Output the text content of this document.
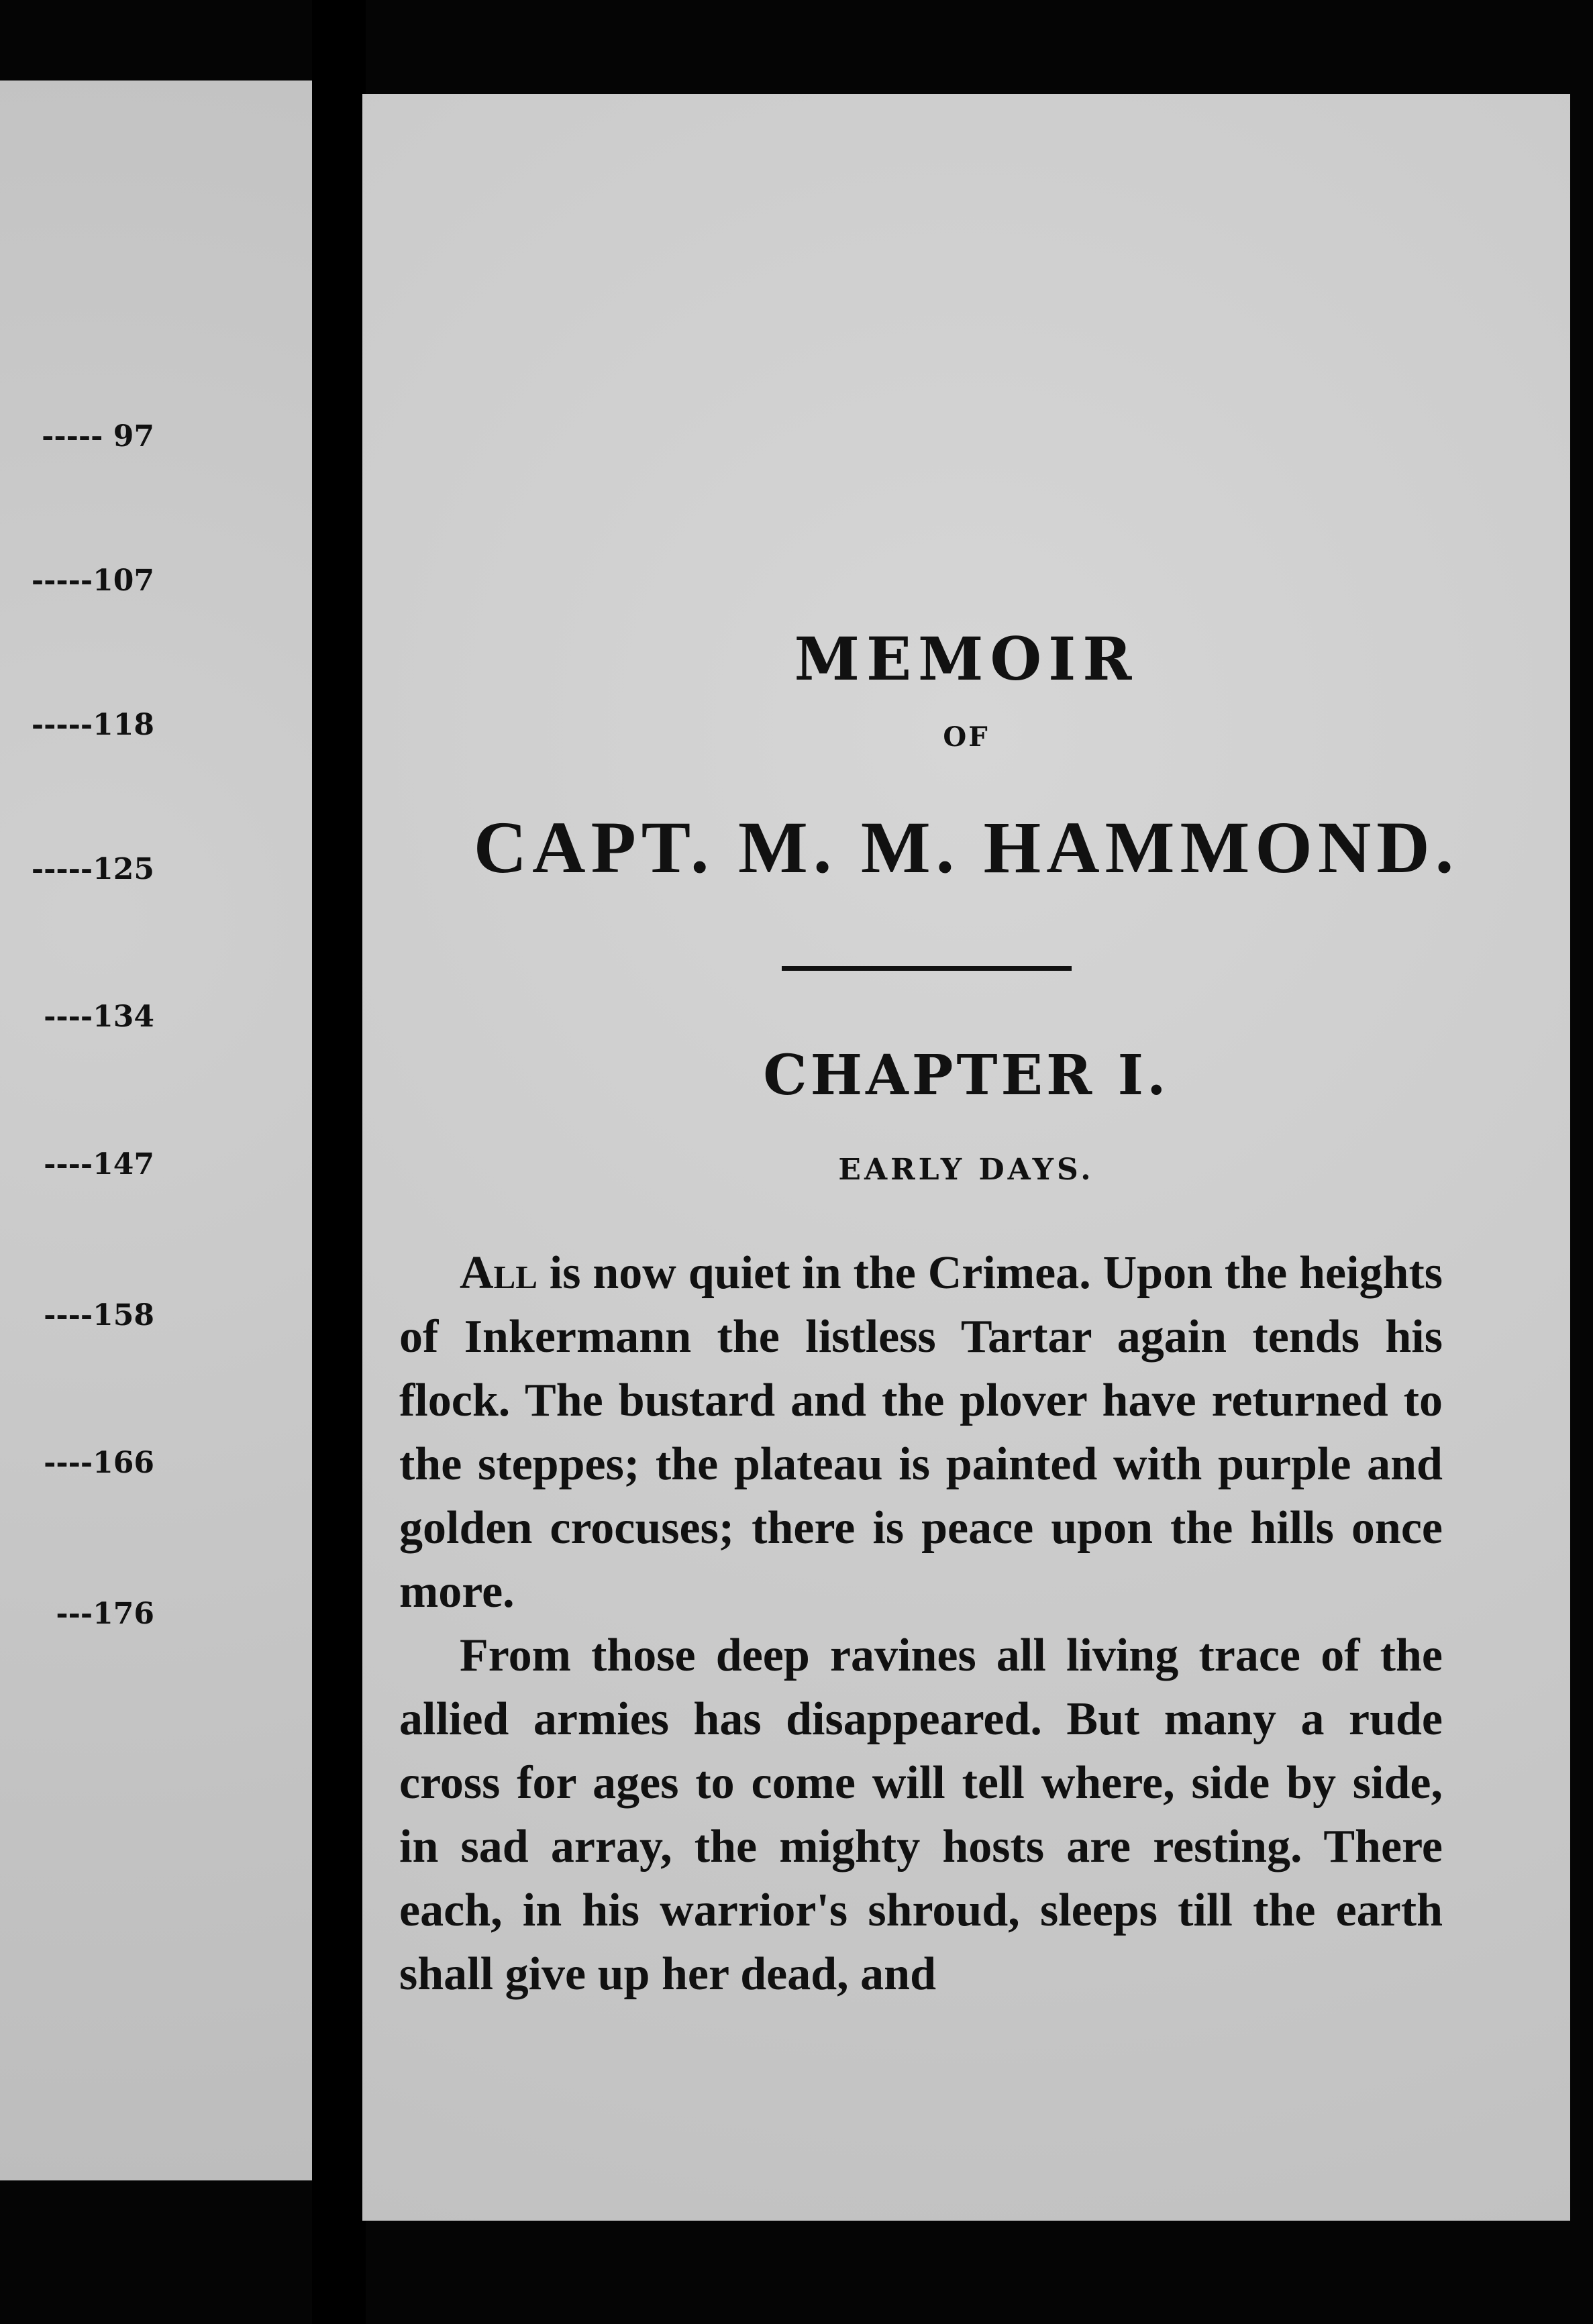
----- 97
-----107
-----118
-----125
----134
----147
----158
----166
---176
MEMOIR
OF
CAPT. M. M. HAMMOND.
CHAPTER I.
EARLY DAYS.

All is now quiet in the Crimea. Upon the heights of Inkermann the listless Tartar again tends his flock. The bustard and the plover have returned to the steppes; the plateau is painted with purple and golden crocuses; there is peace upon the hills once more.

From those deep ravines all living trace of the allied armies has disappeared. But many a rude cross for ages to come will tell where, side by side, in sad array, the mighty hosts are resting. There each, in his warrior's shroud, sleeps till the earth shall give up her dead, and
